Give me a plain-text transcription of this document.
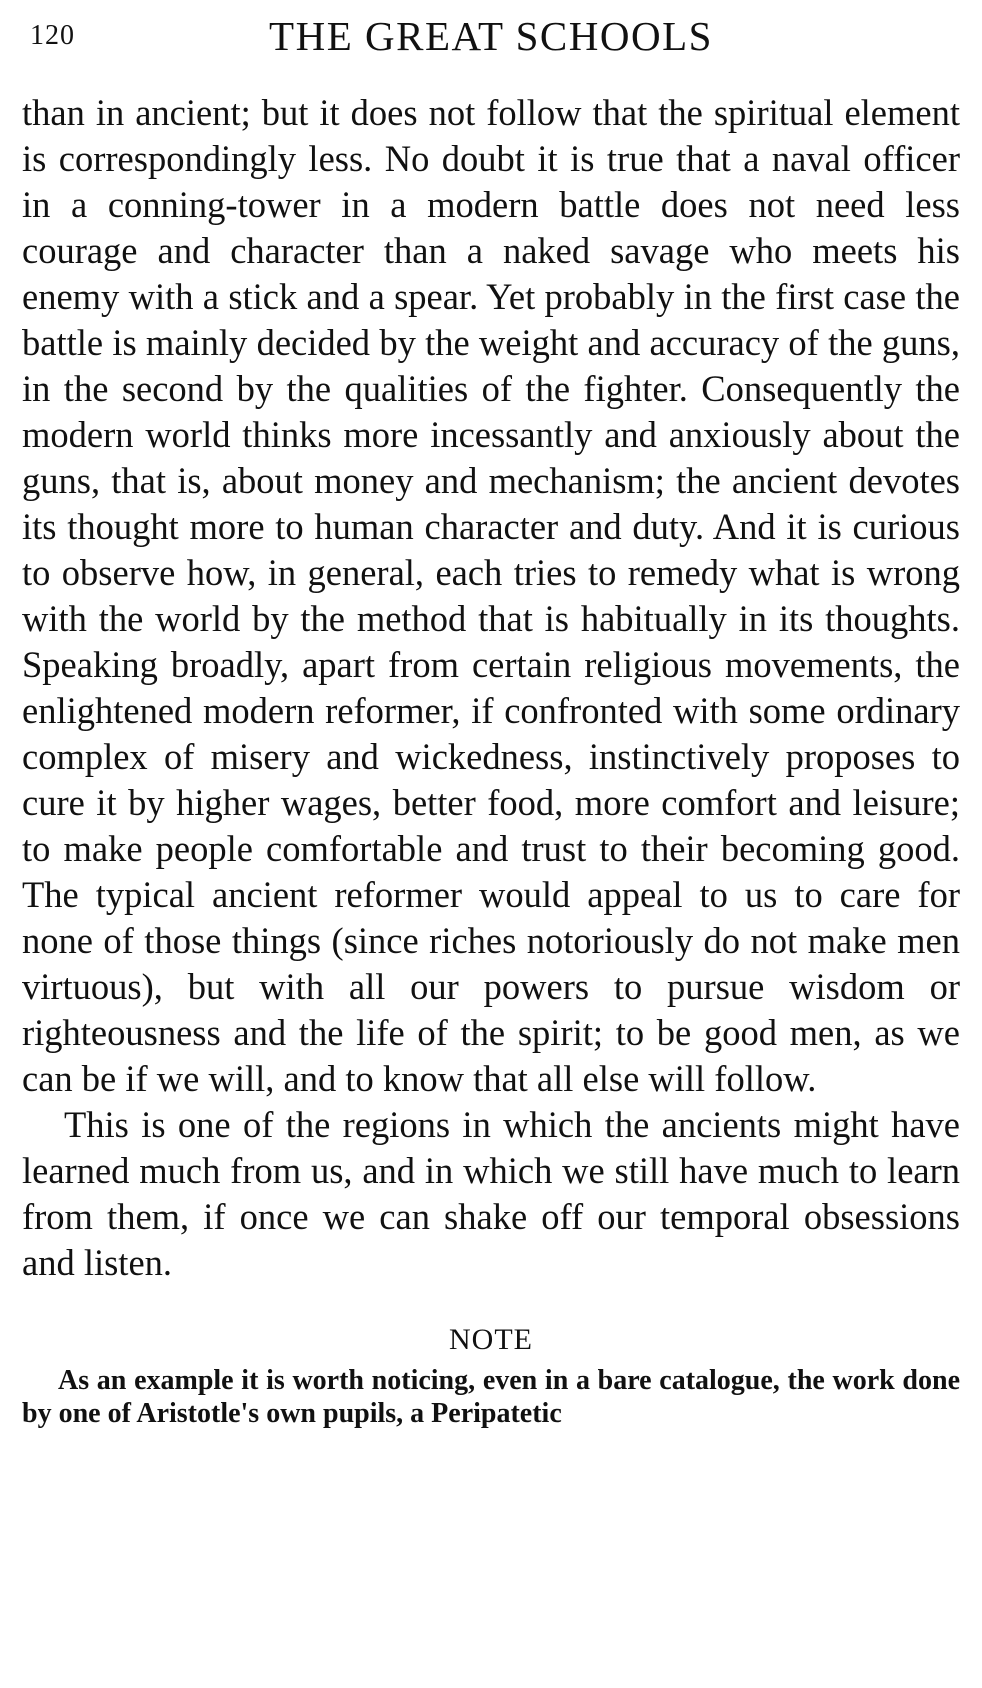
120	THE GREAT SCHOOLS

than in ancient; but it does not follow that the spiritual element is correspondingly less. No doubt it is true that a naval officer in a conning-tower in a modern battle does not need less courage and character than a naked savage who meets his enemy with a stick and a spear. Yet probably in the first case the battle is mainly decided by the weight and accuracy of the guns, in the second by the qualities of the fighter. Consequently the modern world thinks more incessantly and anxiously about the guns, that is, about money and mechanism; the ancient devotes its thought more to human character and duty. And it is curious to observe how, in general, each tries to remedy what is wrong with the world by the method that is habitually in its thoughts. Speaking broadly, apart from certain religious movements, the enlightened modern reformer, if confronted with some ordinary complex of misery and wickedness, instinctively proposes to cure it by higher wages, better food, more comfort and leisure; to make people comfortable and trust to their becoming good. The typical ancient reformer would appeal to us to care for none of those things (since riches notoriously do not make men virtuous), but with all our powers to pursue wisdom or righteousness and the life of the spirit; to be good men, as we can be if we will, and to know that all else will follow.

This is one of the regions in which the ancients might have learned much from us, and in which we still have much to learn from them, if once we can shake off our temporal obsessions and listen.

NOTE

As an example it is worth noticing, even in a bare catalogue, the work done by one of Aristotle's own pupils, a Peripatetic
